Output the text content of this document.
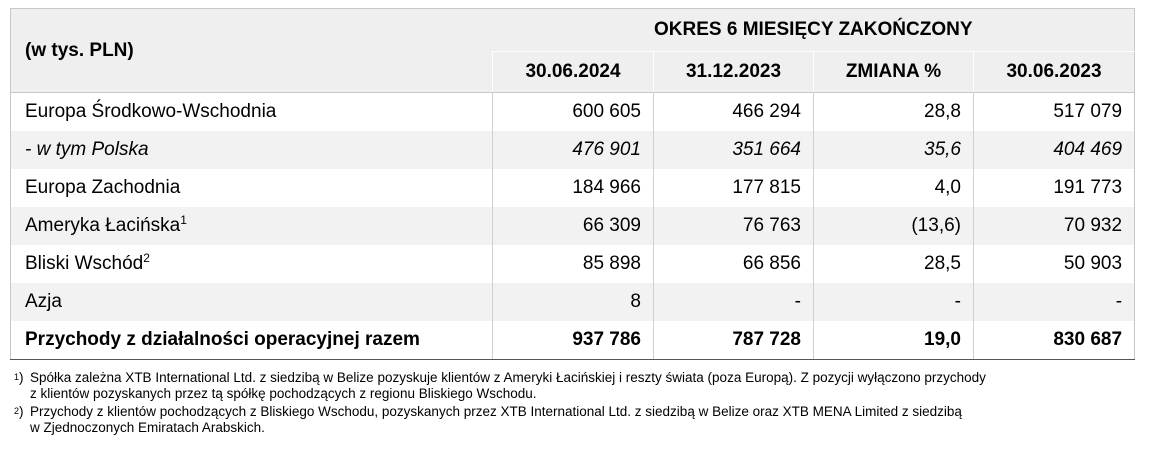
(w tys. PLN)	OKRES 6 MIESIĘCY ZAKOŃCZONY			
	30.06.2024	31.12.2023	ZMIANA %	30.06.2023
Europa Środkowo-Wschodnia	600 605	466 294	28,8	517 079
- w tym Polska	476 901	351 664	35,6	404 469
Europa Zachodnia	184 966	177 815	4,0	191 773
Ameryka Łacińska$^1$	66 309	76 763	(13,6)	70 932
Bliski Wschód$^2$	85 898	66 856	28,5	50 903
Azja	8	-	-	-
Przychody z działalności operacyjnej razem	937 786	787 728	19,0	830 687
$^1$) Spółka zależna XTB International Ltd. z siedzibą w Belize pozyskuje klientów z Ameryki Łacińskiej i reszty świata (poza Europą). Z pozycji wyłączono przychody
z klientów pozyskanych przez tą spółkę pochodzących z regionu Bliskiego Wschodu.
$^2$) Przychody z klientów pochodzących z Bliskiego Wschodu, pozyskanych przez XTB International Ltd. z siedzibą w Belize oraz XTB MENA Limited z siedzibą
w Zjednoczonych Emiratach Arabskich.
